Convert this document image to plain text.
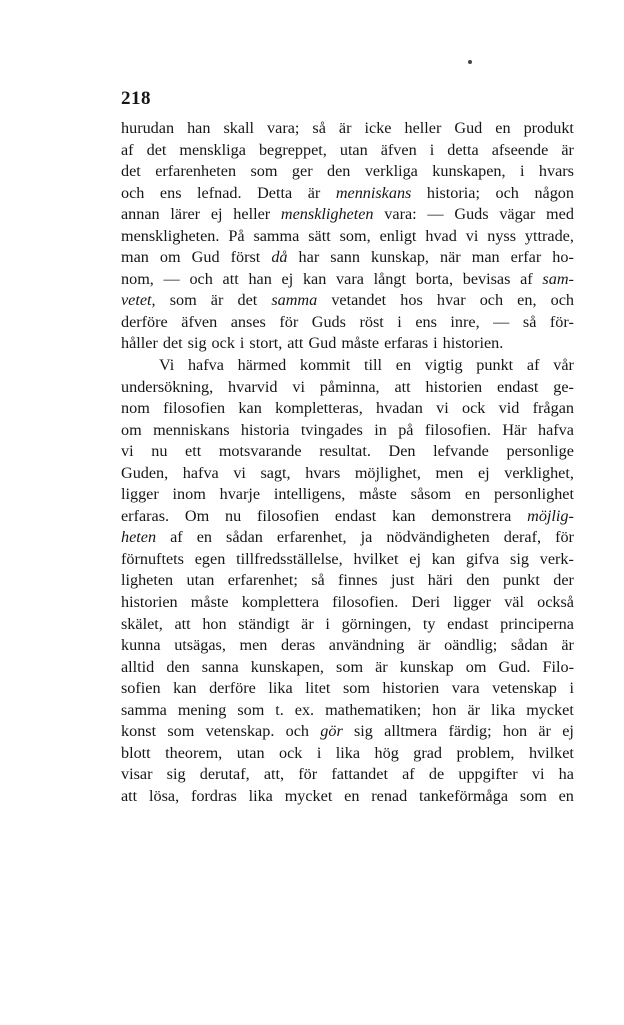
218
hurudan han skall vara; så är icke heller Gud en produkt
af det menskliga begreppet, utan äfven i detta afseende är
det erfarenheten som ger den verkliga kunskapen, i hvars
och ens lefnad. Detta är menniskans historia; och någon
annan lärer ej heller menskligheten vara: — Guds vägar med
menskligheten. På samma sätt som, enligt hvad vi nyss yttrade,
man om Gud först då har sann kunskap, när man erfar ho-
nom, — och att han ej kan vara långt borta, bevisas af sam-
vetet, som är det samma vetandet hos hvar och en, och
derföre äfven anses för Guds röst i ens inre, — så för-
håller det sig ock i stort, att Gud måste erfaras i historien.
Vi hafva härmed kommit till en vigtig punkt af vår
undersökning, hvarvid vi påminna, att historien endast ge-
nom filosofien kan kompletteras, hvadan vi ock vid frågan
om menniskans historia tvingades in på filosofien. Här hafva
vi nu ett motsvarande resultat. Den lefvande personlige
Guden, hafva vi sagt, hvars möjlighet, men ej verklighet,
ligger inom hvarje intelligens, måste såsom en personlighet
erfaras. Om nu filosofien endast kan demonstrera möjlig-
heten af en sådan erfarenhet, ja nödvändigheten deraf, för
förnuftets egen tillfredsställelse, hvilket ej kan gifva sig verk-
ligheten utan erfarenhet; så finnes just häri den punkt der
historien måste komplettera filosofien. Deri ligger väl också
skälet, att hon ständigt är i görningen, ty endast principerna
kunna utsägas, men deras användning är oändlig; sådan är
alltid den sanna kunskapen, som är kunskap om Gud. Filo-
sofien kan derföre lika litet som historien vara vetenskap i
samma mening som t. ex. mathematiken; hon är lika mycket
konst som vetenskap. och gör sig alltmera färdig; hon är ej
blott theorem, utan ock i lika hög grad problem, hvilket
visar sig derutaf, att, för fattandet af de uppgifter vi ha
att lösa, fordras lika mycket en renad tankeförmåga som en
